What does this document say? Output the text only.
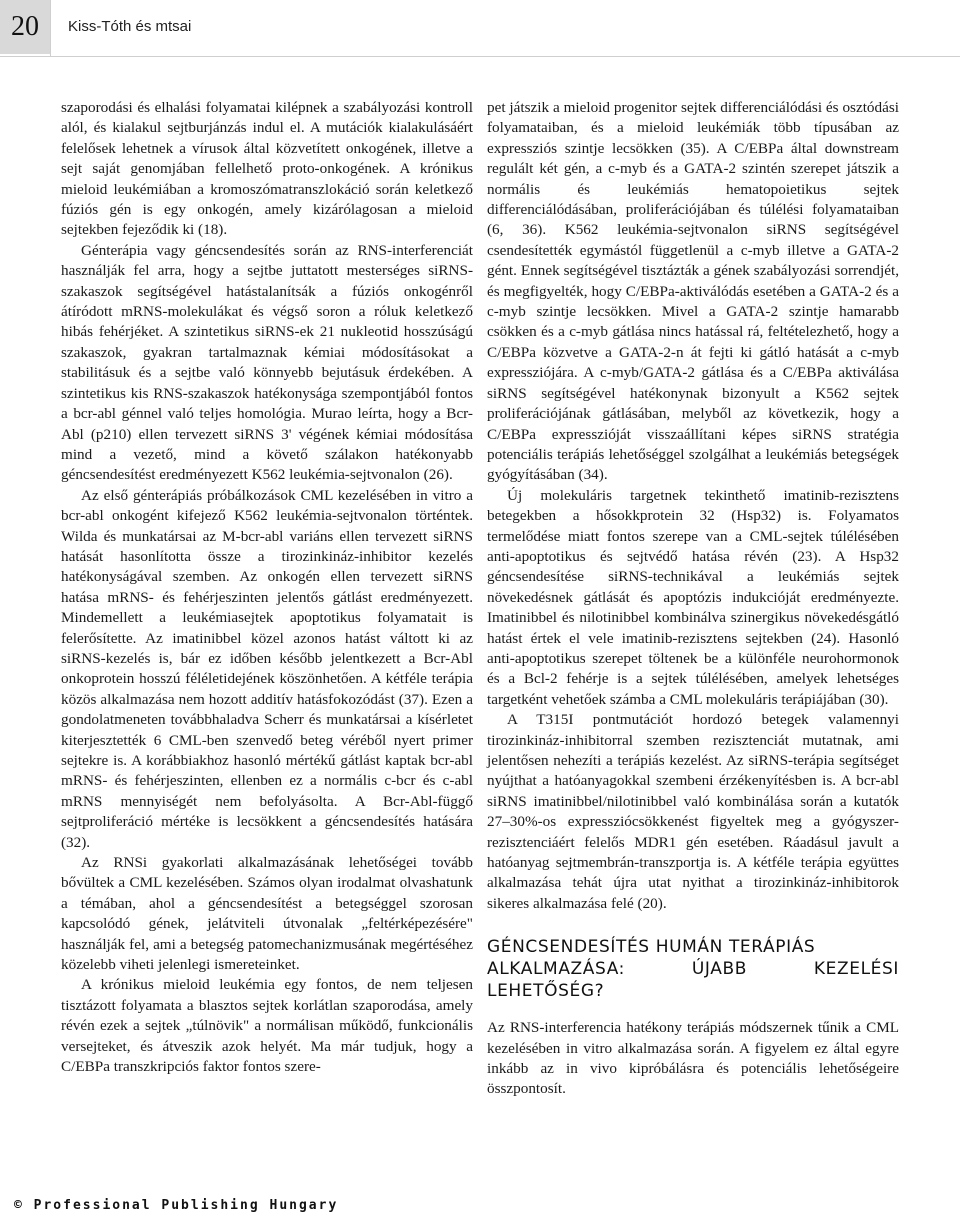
20	Kiss-Tóth és mtsai

szaporodási és elhalási folyamatai kilépnek a szabályozási kontroll alól, és kialakul sejtburjánzás indul el. A mutációk kialakulásáért felelősek lehetnek a vírusok által közvetített onkogének, illetve a sejt saját genomjában fellelhető proto-onkogének. A krónikus mieloid leukémiában a kromoszómatranszlokáció során keletkező fúziós gén is egy onkogén, amely kizárólagosan a mieloid sejtekben fejeződik ki (18).

Génterápia vagy géncsendesítés során az RNS-interferenciát használják fel arra, hogy a sejtbe juttatott mesterséges siRNS-szakaszok segítségével hatástalanítsák a fúziós onkogénről átíródott mRNS-molekulákat és végső soron a róluk keletkező hibás fehérjéket. A szintetikus siRNS-ek 21 nukleotid hosszúságú szakaszok, gyakran tartalmaznak kémiai módosításokat a stabilitásuk és a sejtbe való könnyebb bejutásuk érdekében. A szintetikus kis RNS-szakaszok hatékonysága szempontjából fontos a bcr-abl génnel való teljes homológia. Murao leírta, hogy a Bcr-Abl (p210) ellen tervezett siRNS 3' végének kémiai módosítása mind a vezető, mind a követő szálakon hatékonyabb géncsendesítést eredményezett K562 leukémia-sejtvonalon (26).

Az első génterápiás próbálkozások CML kezelésében in vitro a bcr-abl onkogént kifejező K562 leukémia-sejtvonalon történtek. Wilda és munkatársai az M-bcr-abl variáns ellen tervezett siRNS hatását hasonlította össze a tirozinkináz-inhibitor kezelés hatékonyságával szemben. Az onkogén ellen tervezett siRNS hatása mRNS- és fehérjeszinten jelentős gátlást eredményezett. Mindemellett a leukémiasejtek apoptotikus folyamatait is felerősítette. Az imatinibbel közel azonos hatást váltott ki az siRNS-kezelés is, bár ez időben később jelentkezett a Bcr-Abl onkoprotein hosszú féléletidejének köszönhetően. A kétféle terápia közös alkalmazása nem hozott additív hatásfokozódást (37). Ezen a gondolatmeneten továbbhaladva Scherr és munkatársai a kísérletet kiterjesztették 6 CML-ben szenvedő beteg véréből nyert primer sejtekre is. A korábbiakhoz hasonló mértékű gátlást kaptak bcr-abl mRNS- és fehérjeszinten, ellenben ez a normális c-bcr és c-abl mRNS mennyiségét nem befolyásolta. A Bcr-Abl-függő sejtproliferáció mértéke is lecsökkent a géncsendesítés hatására (32).

Az RNSi gyakorlati alkalmazásának lehetőségei tovább bővültek a CML kezelésében. Számos olyan irodalmat olvashatunk a témában, ahol a géncsendesítést a betegséggel szorosan kapcsolódó gének, jelátviteli útvonalak „feltérképezésére" használják fel, ami a betegség patomechanizmusának megértéséhez közelebb viheti jelenlegi ismereteinket.

A krónikus mieloid leukémia egy fontos, de nem teljesen tisztázott folyamata a blasztos sejtek korlátlan szaporodása, amely révén ezek a sejtek „túlnövik" a normálisan működő, funkcionális versejteket, és átveszik azok helyét. Ma már tudjuk, hogy a C/EBPa transzkripciós faktor fontos szere-

pet játszik a mieloid progenitor sejtek differenciálódási és osztódási folyamataiban, és a mieloid leukémiák több típusában az expressziós szintje lecsökken (35). A C/EBPa által downstream regulált két gén, a c-myb és a GATA-2 szintén szerepet játszik a normális és leukémiás hematopoietikus sejtek differenciálódásában, proliferációjában és túlélési folyamataiban (6, 36). K562 leukémia-sejtvonalon siRNS segítségével csendesítették egymástól függetlenül a c-myb illetve a GATA-2 gént. Ennek segítségével tisztázták a gének szabályozási sorrendjét, és megfigyelték, hogy C/EBPa-aktiválódás esetében a GATA-2 és a c-myb szintje lecsökken. Mivel a GATA-2 szintje hamarabb csökken és a c-myb gátlása nincs hatással rá, feltételezhető, hogy a C/EBPa közvetve a GATA-2-n át fejti ki gátló hatását a c-myb expressziójára. A c-myb/GATA-2 gátlása és a C/EBPa aktiválása siRNS segítségével hatékonynak bizonyult a K562 sejtek proliferációjának gátlásában, melyből az következik, hogy a C/EBPa expresszióját visszaállítani képes siRNS stratégia potenciális terápiás lehetőséggel szolgálhat a leukémiás betegségek gyógyításában (34).

Új molekuláris targetnek tekinthető imatinib-rezisztens betegekben a hősokkprotein 32 (Hsp32) is. Folyamatos termelődése miatt fontos szerepe van a CML-sejtek túlélésében anti-apoptotikus és sejtvédő hatása révén (23). A Hsp32 géncsendesítése siRNS-technikával a leukémiás sejtek növekedésnek gátlását és apoptózis indukcióját eredményezte. Imatinibbel és nilotinibbel kombinálva szinergikus növekedésgátló hatást értek el vele imatinib-rezisztens sejtekben (24). Hasonló anti-apoptotikus szerepet töltenek be a különféle neurohormonok és a Bcl-2 fehérje is a sejtek túlélésében, amelyek lehetséges targetként vehetőek számba a CML molekuláris terápiájában (30).

A T315I pontmutációt hordozó betegek valamennyi tirozinkináz-inhibitorral szemben rezisztenciát mutatnak, ami jelentősen nehezíti a terápiás kezelést. Az siRNS-terápia segítséget nyújthat a hatóanyagokkal szembeni érzékenyítésben is. A bcr-abl siRNS imatinibbel/nilotinibbel való kombinálása során a kutatók 27–30%-os expressziócsökkenést figyeltek meg a gyógyszer-rezisztenciáért felelős MDR1 gén esetében. Ráadásul javult a hatóanyag sejtmembrán-transzportja is. A kétféle terápia együttes alkalmazása tehát újra utat nyithat a tirozinkináz-inhibitorok sikeres alkalmazása felé (20).

GÉNCSENDESÍTÉS HUMÁN TERÁPIÁS
ALKALMAZÁSA: ÚJABB KEZELÉSI LEHETŐSÉG?

Az RNS-interferencia hatékony terápiás módszernek tűnik a CML kezelésében in vitro alkalmazása során. A figyelem ez által egyre inkább az in vivo kipróbálásra és potenciális lehetőségeire összpontosít.

© Professional Publishing Hungary
